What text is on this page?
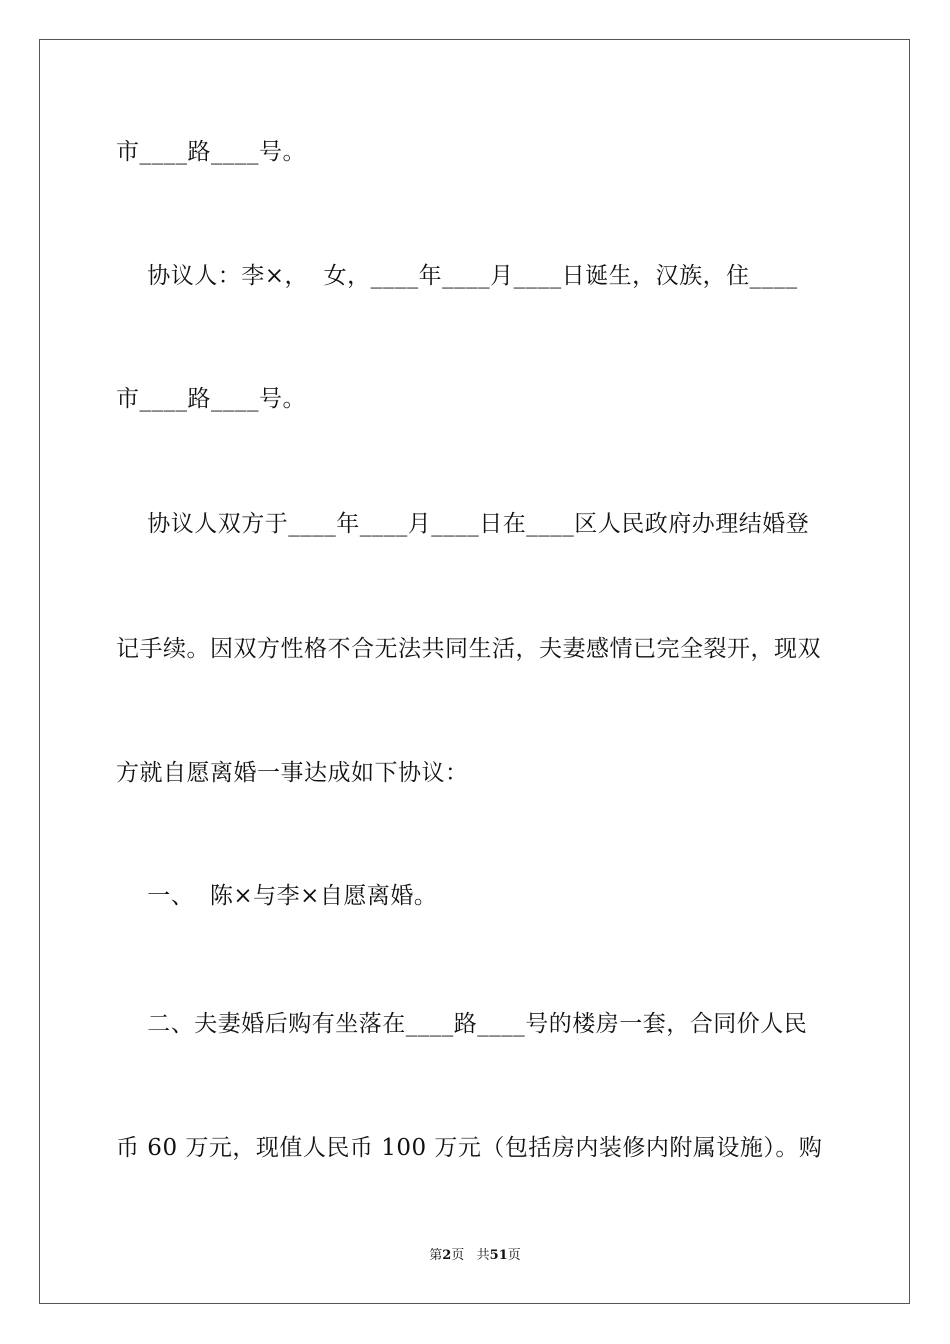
市____路____号。
协议人：李×，  女，____年____月____日诞生，汉族，住____
市____路____号。
协议人双方于____年____月____日在____区人民政府办理结婚登
记手续。因双方性格不合无法共同生活，夫妻感情已完全裂开，现双
方就自愿离婚一事达成如下协议：
一、  陈×与李×自愿离婚。
二、夫妻婚后购有坐落在____路____号的楼房一套，合同价人民
币 60 万元，现值人民币 100 万元（包括房内装修内附属设施）。购
第2页   共51页
